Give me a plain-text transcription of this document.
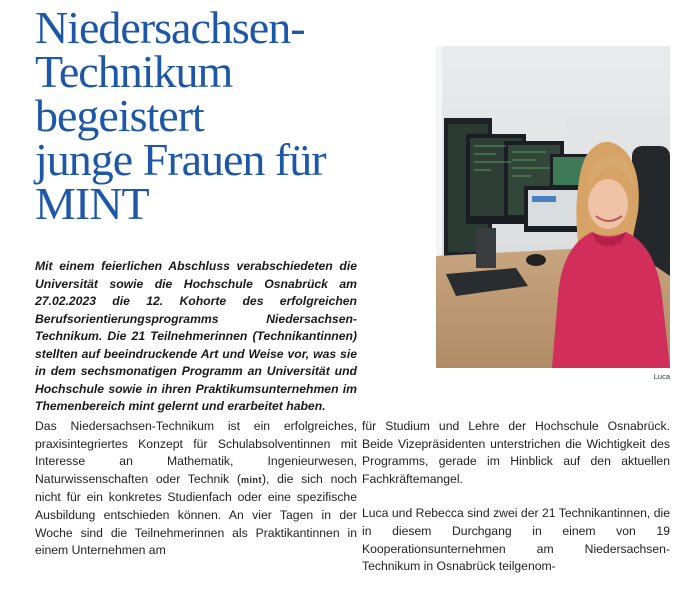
Niedersachsen-
Technikum
begeistert
junge Frauen für
MINT

Mit einem feierlichen Abschluss verabschiedeten die Universität sowie die Hochschule Osnabrück am 27.02.2023 die 12. Kohorte des erfolgreichen Berufsorientierungsprogramms Niedersachsen-Technikum. Die 21 Teilnehmerinnen (Technikantinnen) stellten auf beeindruckende Art und Weise vor, was sie in dem sechsmonatigen Programm an Universität und Hochschule sowie in ihren Praktikumsunternehmen im Themenbereich mint gelernt und erarbeitet haben.

Luca

Das Niedersachsen-Technikum ist ein erfolgreiches, praxisintegriertes Konzept für Schulabsolventinnen mit Interesse an Mathematik, Ingenieurwesen, Naturwissenschaften oder Technik (mint), die sich noch nicht für ein konkretes Studienfach oder eine spezifische Ausbildung entschieden können. An vier Tagen in der Woche sind die Teilnehmerinnen als Praktikantinnen in einem Unternehmen am

für Studium und Lehre der Hochschule Osnabrück. Beide Vizepräsidenten unterstrichen die Wichtigkeit des Programms, gerade im Hinblick auf den aktuellen Fachkräftemangel.

Luca und Rebecca sind zwei der 21 Technikantinnen, die in diesem Durchgang in einem von 19 Kooperationsunternehmen am Niedersachsen-Technikum in Osnabrück teilgenom-
